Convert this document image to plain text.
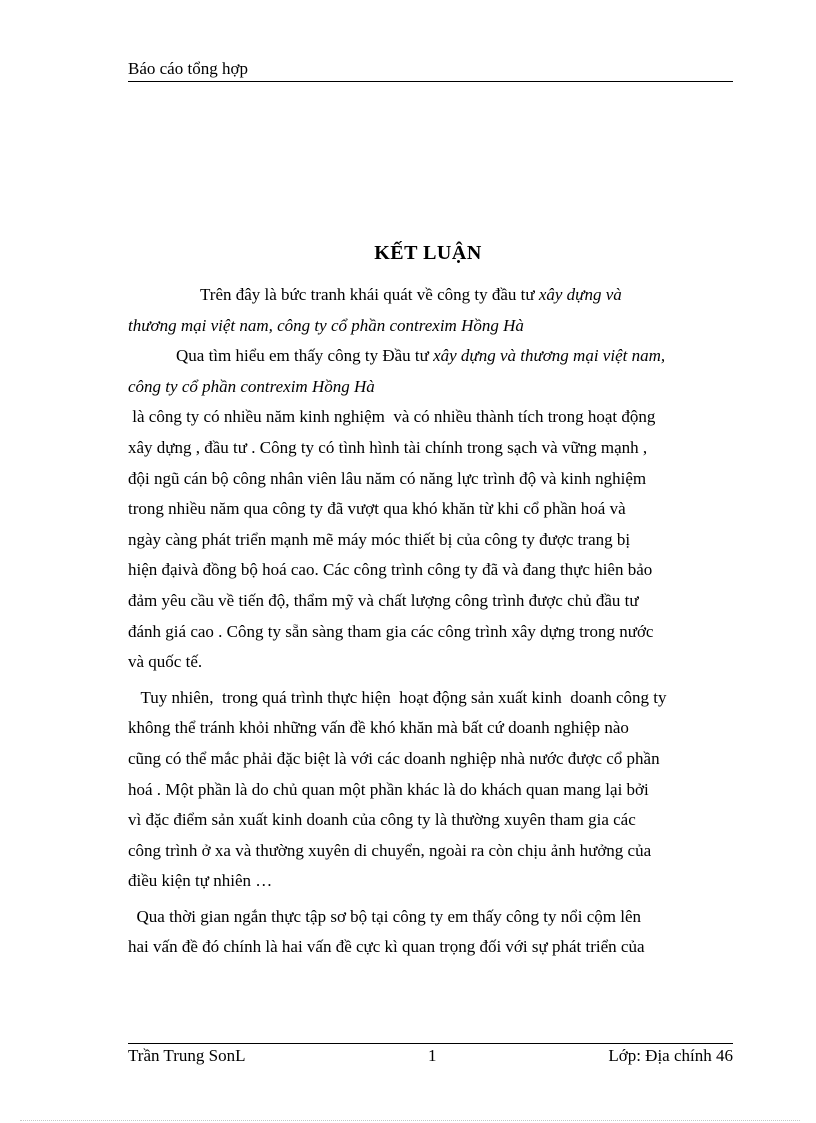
Báo cáo tổng hợp
KẾT LUẬN

Trên đây là bức tranh khái quát về công ty đầu tư xây dựng và

thương mại việt nam, công ty cổ phần contrexim Hồng Hà

Qua tìm hiểu em thấy công ty Đầu tư xây dựng và thương mại việt nam,

công ty cổ phần contrexim Hồng Hà

là công ty có nhiều năm kinh nghiệm  và có nhiều thành tích trong hoạt động

xây dựng , đầu tư . Công ty có tình hình tài chính trong sạch và vững mạnh ,

đội ngũ cán bộ công nhân viên lâu năm có năng lực trình độ và kinh nghiệm

trong nhiều năm qua công ty đã vượt qua khó khăn từ khi cổ phần hoá và

ngày càng phát triển mạnh mẽ máy móc thiết bị của công ty được trang bị

hiện đạivà đồng bộ hoá cao. Các công trình công ty đã và đang thực hiên bảo

đảm yêu cầu về tiến độ, thẩm mỹ và chất lượng công trình được chủ đầu tư

đánh giá cao . Công ty sẵn sàng tham gia các công trình xây dựng trong nước

và quốc tế.

Tuy nhiên,  trong quá trình thực hiện  hoạt động sản xuất kinh  doanh công ty

không thể tránh khỏi những vấn đề khó khăn mà bất cứ doanh nghiệp nào

cũng có thể mắc phải đặc biệt là với các doanh nghiệp nhà nước được cổ phần

hoá . Một phần là do chủ quan một phần khác là do khách quan mang lại bởi

vì đặc điểm sản xuất kinh doanh của công ty là thường xuyên tham gia các

công trình ở xa và thường xuyên di chuyển, ngoài ra còn chịu ảnh hưởng của

điều kiện tự nhiên …

Qua thời gian ngắn thực tập sơ bộ tại công ty em thấy công ty nổi cộm lên

hai vấn đề đó chính là hai vấn đề cực kì quan trọng đối với sự phát triển của

Trần Trung SonL	1	Lớp: Địa chính 46
